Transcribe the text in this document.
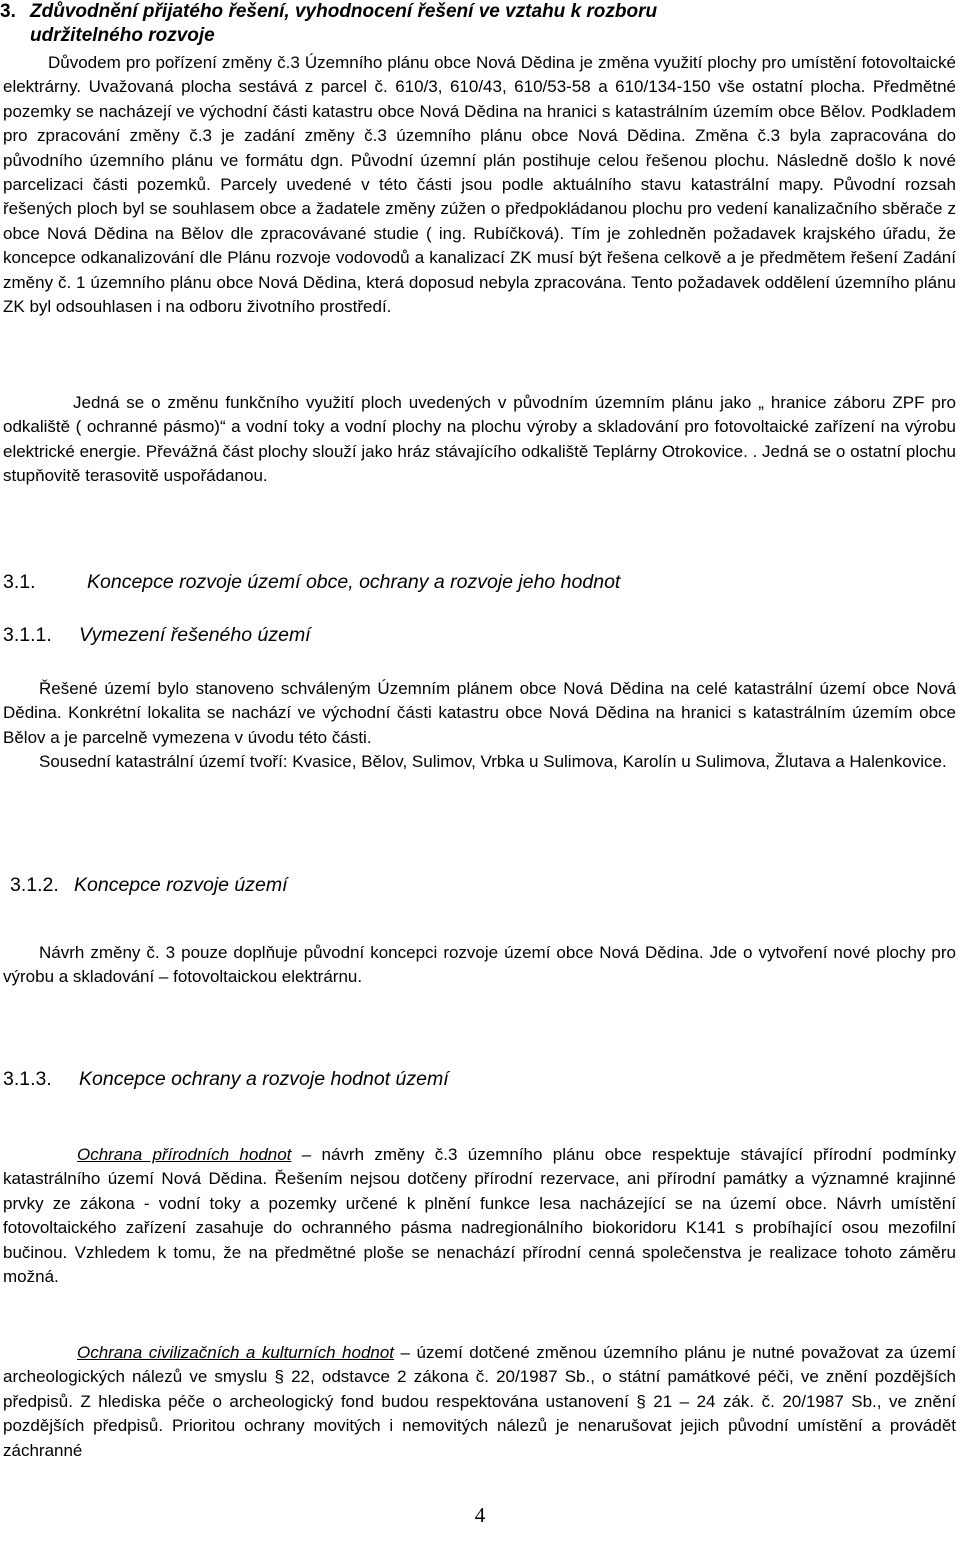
3. Zdůvodnění přijatého řešení, vyhodnocení řešení ve vztahu k rozboru
udržitelného rozvoje

Důvodem pro pořízení změny č.3 Územního plánu obce Nová Dědina je změna využití plochy pro umístění fotovoltaické elektrárny. Uvažovaná plocha sestává z parcel č. 610/3, 610/43, 610/53-58 a 610/134-150 vše ostatní plocha. Předmětné pozemky se nacházejí ve východní části katastru obce Nová Dědina na hranici s katastrálním územím obce Bělov. Podkladem pro zpracování změny č.3 je zadání změny č.3 územního plánu obce Nová Dědina. Změna č.3 byla zapracována do původního územního plánu ve formátu dgn. Původní územní plán postihuje celou řešenou plochu. Následně došlo k nové parcelizaci části pozemků. Parcely uvedené v této části jsou podle aktuálního stavu katastrální mapy. Původní rozsah řešených ploch byl se souhlasem obce a žadatele změny zúžen o předpokládanou plochu pro vedení kanalizačního sběrače z obce Nová Dědina na Bělov dle zpracovávané studie ( ing. Rubíčková). Tím je zohledněn požadavek krajského úřadu, že koncepce odkanalizování dle Plánu rozvoje vodovodů a kanalizací ZK musí být řešena celkově a je předmětem řešení Zadání změny č. 1 územního plánu obce Nová Dědina, která doposud nebyla zpracována. Tento požadavek oddělení územního plánu ZK byl odsouhlasen i na odboru životního prostředí.

Jedná se o změnu funkčního využití ploch uvedených v původním územním plánu jako „ hranice záboru ZPF pro odkaliště ( ochranné pásmo)“ a vodní toky a vodní plochy na plochu výroby a skladování pro fotovoltaické zařízení na výrobu elektrické energie. Převážná část plochy slouží jako hráz stávajícího odkaliště Teplárny Otrokovice. . Jedná se o ostatní plochu stupňovitě terasovitě uspořádanou.

3.1.	Koncepce rozvoje území obce, ochrany a rozvoje jeho hodnot
3.1.1. Vymezení řešeného území

Řešené území bylo stanoveno schváleným Územním plánem obce Nová Dědina na celé katastrální území obce Nová Dědina. Konkrétní lokalita se nachází ve východní části katastru obce Nová Dědina na hranici s katastrálním územím obce Bělov a je parcelně vymezena v úvodu této části.

Sousední katastrální území tvoří: Kvasice, Bělov, Sulimov, Vrbka u Sulimova, Karolín u Sulimova, Žlutava a Halenkovice.

3.1.2. Koncepce rozvoje území

Návrh změny č. 3 pouze doplňuje původní koncepci rozvoje území obce Nová Dědina. Jde o vytvoření nové plochy pro výrobu a skladování – fotovoltaickou elektrárnu.

3.1.3. Koncepce ochrany a rozvoje hodnot území

Ochrana přírodních hodnot – návrh změny č.3 územního plánu obce respektuje stávající přírodní podmínky katastrálního území Nová Dědina. Řešením nejsou dotčeny přírodní rezervace, ani přírodní památky a významné krajinné prvky ze zákona - vodní toky a pozemky určené k plnění funkce lesa nacházející se na území obce. Návrh umístění fotovoltaického zařízení zasahuje do ochranného pásma nadregionálního biokoridoru K141 s probíhající osou mezofilní bučinou. Vzhledem k tomu, že na předmětné ploše se nenachází přírodní cenná společenstva je realizace tohoto záměru možná.

Ochrana civilizačních a kulturních hodnot – území dotčené změnou územního plánu je nutné považovat za území archeologických nálezů ve smyslu § 22, odstavce 2 zákona č. 20/1987 Sb., o státní památkové péči, ve znění pozdějších předpisů. Z hlediska péče o archeologický fond budou respektována ustanovení § 21 – 24 zák. č. 20/1987 Sb., ve znění pozdějších předpisů. Prioritou ochrany movitých i nemovitých nálezů je nenarušovat jejich původní umístění a provádět záchranné

4
